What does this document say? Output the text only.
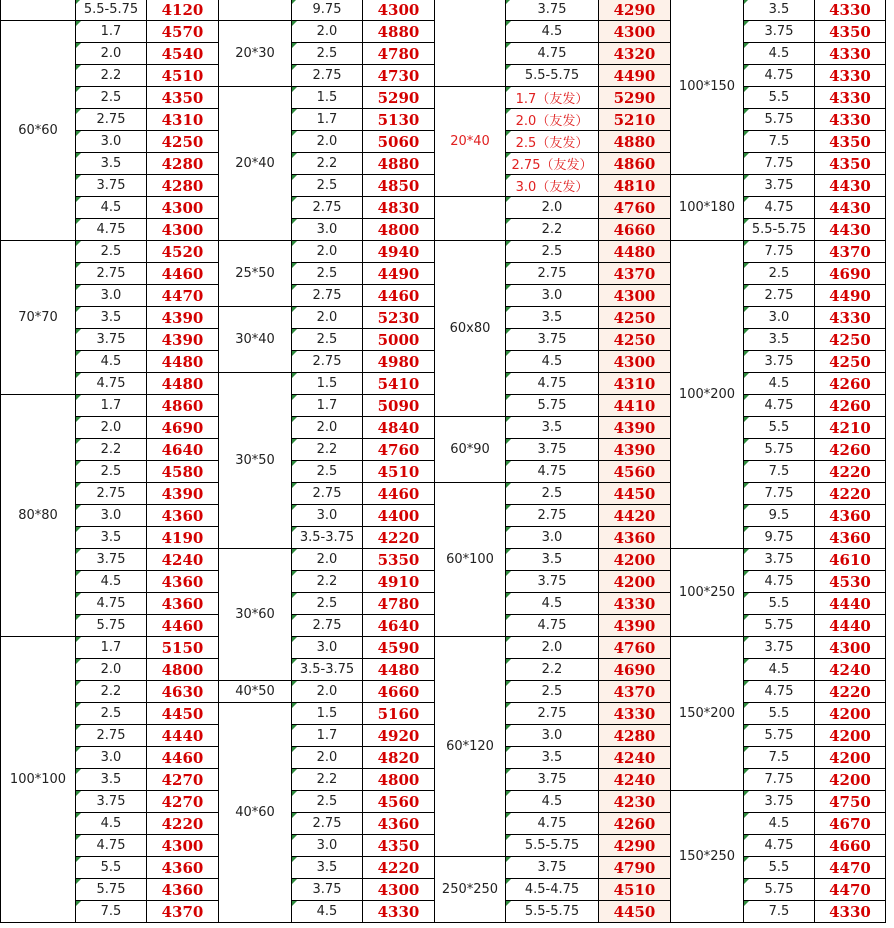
	5.5-5.75	4120		9.75	4300		3.75	4290	100*150	3.5	4330
60*60	1.7	4570	20*30	2.0	4880		4.5	4300		3.75	4350
	2.0	4540		2.5	4780		4.75	4320		4.5	4330
	2.2	4510		2.75	4730		5.5-5.75	4490		4.75	4330
	2.5	4350	20*40	1.5	5290	20*40	1.7（友发）	5290		5.5	4330
	2.75	4310		1.7	5130		2.0（友发）	5210		5.75	4330
	3.0	4250		2.0	5060		2.5（友发）	4880		7.5	4350
	3.5	4280		2.2	4880		2.75（友发）	4860		7.75	4350
	3.75	4280		2.5	4850		3.0（友发）	4810	100*180	3.75	4430
	4.5	4300		2.75	4830		2.0	4760		4.75	4430
	4.75	4300		3.0	4800		2.2	4660		5.5-5.75	4430
70*70	2.5	4520	25*50	2.0	4940	60x80	2.5	4480	100*200	7.75	4370
	2.75	4460		2.5	4490		2.75	4370		2.5	4690
	3.0	4470		2.75	4460		3.0	4300		2.75	4490
	3.5	4390	30*40	2.0	5230		3.5	4250		3.0	4330
	3.75	4390		2.5	5000		3.75	4250		3.5	4250
	4.5	4480		2.75	4980		4.5	4300		3.75	4250
	4.75	4480	30*50	1.5	5410		4.75	4310		4.5	4260
80*80	1.7	4860		1.7	5090		5.75	4410		4.75	4260
	2.0	4690		2.0	4840	60*90	3.5	4390		5.5	4210
	2.2	4640		2.2	4760		3.75	4390		5.75	4260
	2.5	4580		2.5	4510		4.75	4560		7.5	4220
	2.75	4390		2.75	4460	60*100	2.5	4450		7.75	4220
	3.0	4360		3.0	4400		2.75	4420		9.5	4360
	3.5	4190		3.5-3.75	4220		3.0	4360		9.75	4360
	3.75	4240	30*60	2.0	5350		3.5	4200	100*250	3.75	4610
	4.5	4360		2.2	4910		3.75	4200		4.75	4530
	4.75	4360		2.5	4780		4.5	4330		5.5	4440
	5.75	4460		2.75	4640		4.75	4390		5.75	4440
100*100	1.7	5150		3.0	4590	60*120	2.0	4760	150*200	3.75	4300
	2.0	4800		3.5-3.75	4480		2.2	4690		4.5	4240
	2.2	4630	40*50	2.0	4660		2.5	4370		4.75	4220
	2.5	4450	40*60	1.5	5160		2.75	4330		5.5	4200
	2.75	4440		1.7	4920		3.0	4280		5.75	4200
	3.0	4460		2.0	4820		3.5	4240		7.5	4200
	3.5	4270		2.2	4800		3.75	4240		7.75	4200
	3.75	4270		2.5	4560		4.5	4230	150*250	3.75	4750
	4.5	4220		2.75	4360		4.75	4260		4.5	4670
	4.75	4300		3.0	4350		5.5-5.75	4290		4.75	4660
	5.5	4360		3.5	4220	250*250	3.75	4790		5.5	4470
	5.75	4360		3.75	4300		4.5-4.75	4510		5.75	4470
	7.5	4370		4.5	4330		5.5-5.75	4450		7.5	4330
